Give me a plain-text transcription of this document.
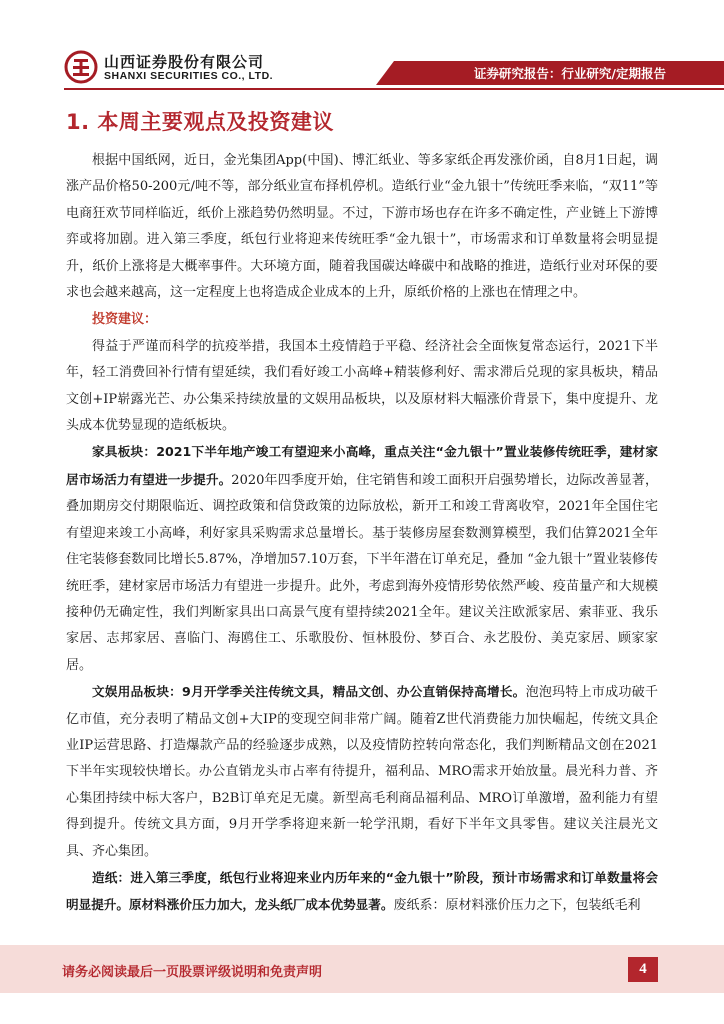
山西证券股份有限公司
SHANXI SECURITIES CO., LTD.	证券研究报告：行业研究/定期报告
1. 本周主要观点及投资建议

根据中国纸网，近日，金光集团App(中国)、博汇纸业、等多家纸企再发涨价函，自8月1日起，调涨产品价格50-200元/吨不等，部分纸业宣布择机停机。造纸行业“金九银十”传统旺季来临，“双11”等电商狂欢节同样临近，纸价上涨趋势仍然明显。不过，下游市场也存在许多不确定性，产业链上下游博弈或将加剧。进入第三季度，纸包行业将迎来传统旺季“金九银十”，市场需求和订单数量将会明显提升，纸价上涨将是大概率事件。大环境方面，随着我国碳达峰碳中和战略的推进，造纸行业对环保的要求也会越来越高，这一定程度上也将造成企业成本的上升，原纸价格的上涨也在情理之中。

投资建议：

得益于严谨而科学的抗疫举措，我国本土疫情趋于平稳、经济社会全面恢复常态运行，2021下半年，轻工消费回补行情有望延续，我们看好竣工小高峰+精装修利好、需求滞后兑现的家具板块，精品文创+IP崭露光芒、办公集采持续放量的文娱用品板块，以及原材料大幅涨价背景下，集中度提升、龙头成本优势显现的造纸板块。

家具板块：2021下半年地产竣工有望迎来小高峰，重点关注“金九银十”置业装修传统旺季，建材家居市场活力有望进一步提升。2020年四季度开始，住宅销售和竣工面积开启强势增长，边际改善显著，叠加期房交付期限临近、调控政策和信贷政策的边际放松，新开工和竣工背离收窄，2021年全国住宅有望迎来竣工小高峰，利好家具采购需求总量增长。基于装修房屋套数测算模型，我们估算2021全年住宅装修套数同比增长5.87%，净增加57.10万套，下半年潜在订单充足，叠加 “金九银十”置业装修传统旺季，建材家居市场活力有望进一步提升。此外，考虑到海外疫情形势依然严峻、疫苗量产和大规模接种仍无确定性，我们判断家具出口高景气度有望持续2021全年。建议关注欧派家居、索菲亚、我乐家居、志邦家居、喜临门、海鸥住工、乐歌股份、恒林股份、梦百合、永艺股份、美克家居、顾家家居。

文娱用品板块：9月开学季关注传统文具，精品文创、办公直销保持高增长。泡泡玛特上市成功破千亿市值，充分表明了精品文创+大IP的变现空间非常广阔。随着Z世代消费能力加快崛起，传统文具企业IP运营思路、打造爆款产品的经验逐步成熟，以及疫情防控转向常态化，我们判断精品文创在2021下半年实现较快增长。办公直销龙头市占率有待提升，福利品、MRO需求开始放量。晨光科力普、齐心集团持续中标大客户，B2B订单充足无虞。新型高毛利商品福利品、MRO订单激增，盈利能力有望得到提升。传统文具方面，9月开学季将迎来新一轮学汛期，看好下半年文具零售。建议关注晨光文具、齐心集团。

造纸：进入第三季度，纸包行业将迎来业内历年来的“金九银十”阶段，预计市场需求和订单数量将会明显提升。原材料涨价压力加大，龙头纸厂成本优势显著。废纸系：原材料涨价压力之下，包装纸毛利

请务必阅读最后一页股票评级说明和免责声明	4
